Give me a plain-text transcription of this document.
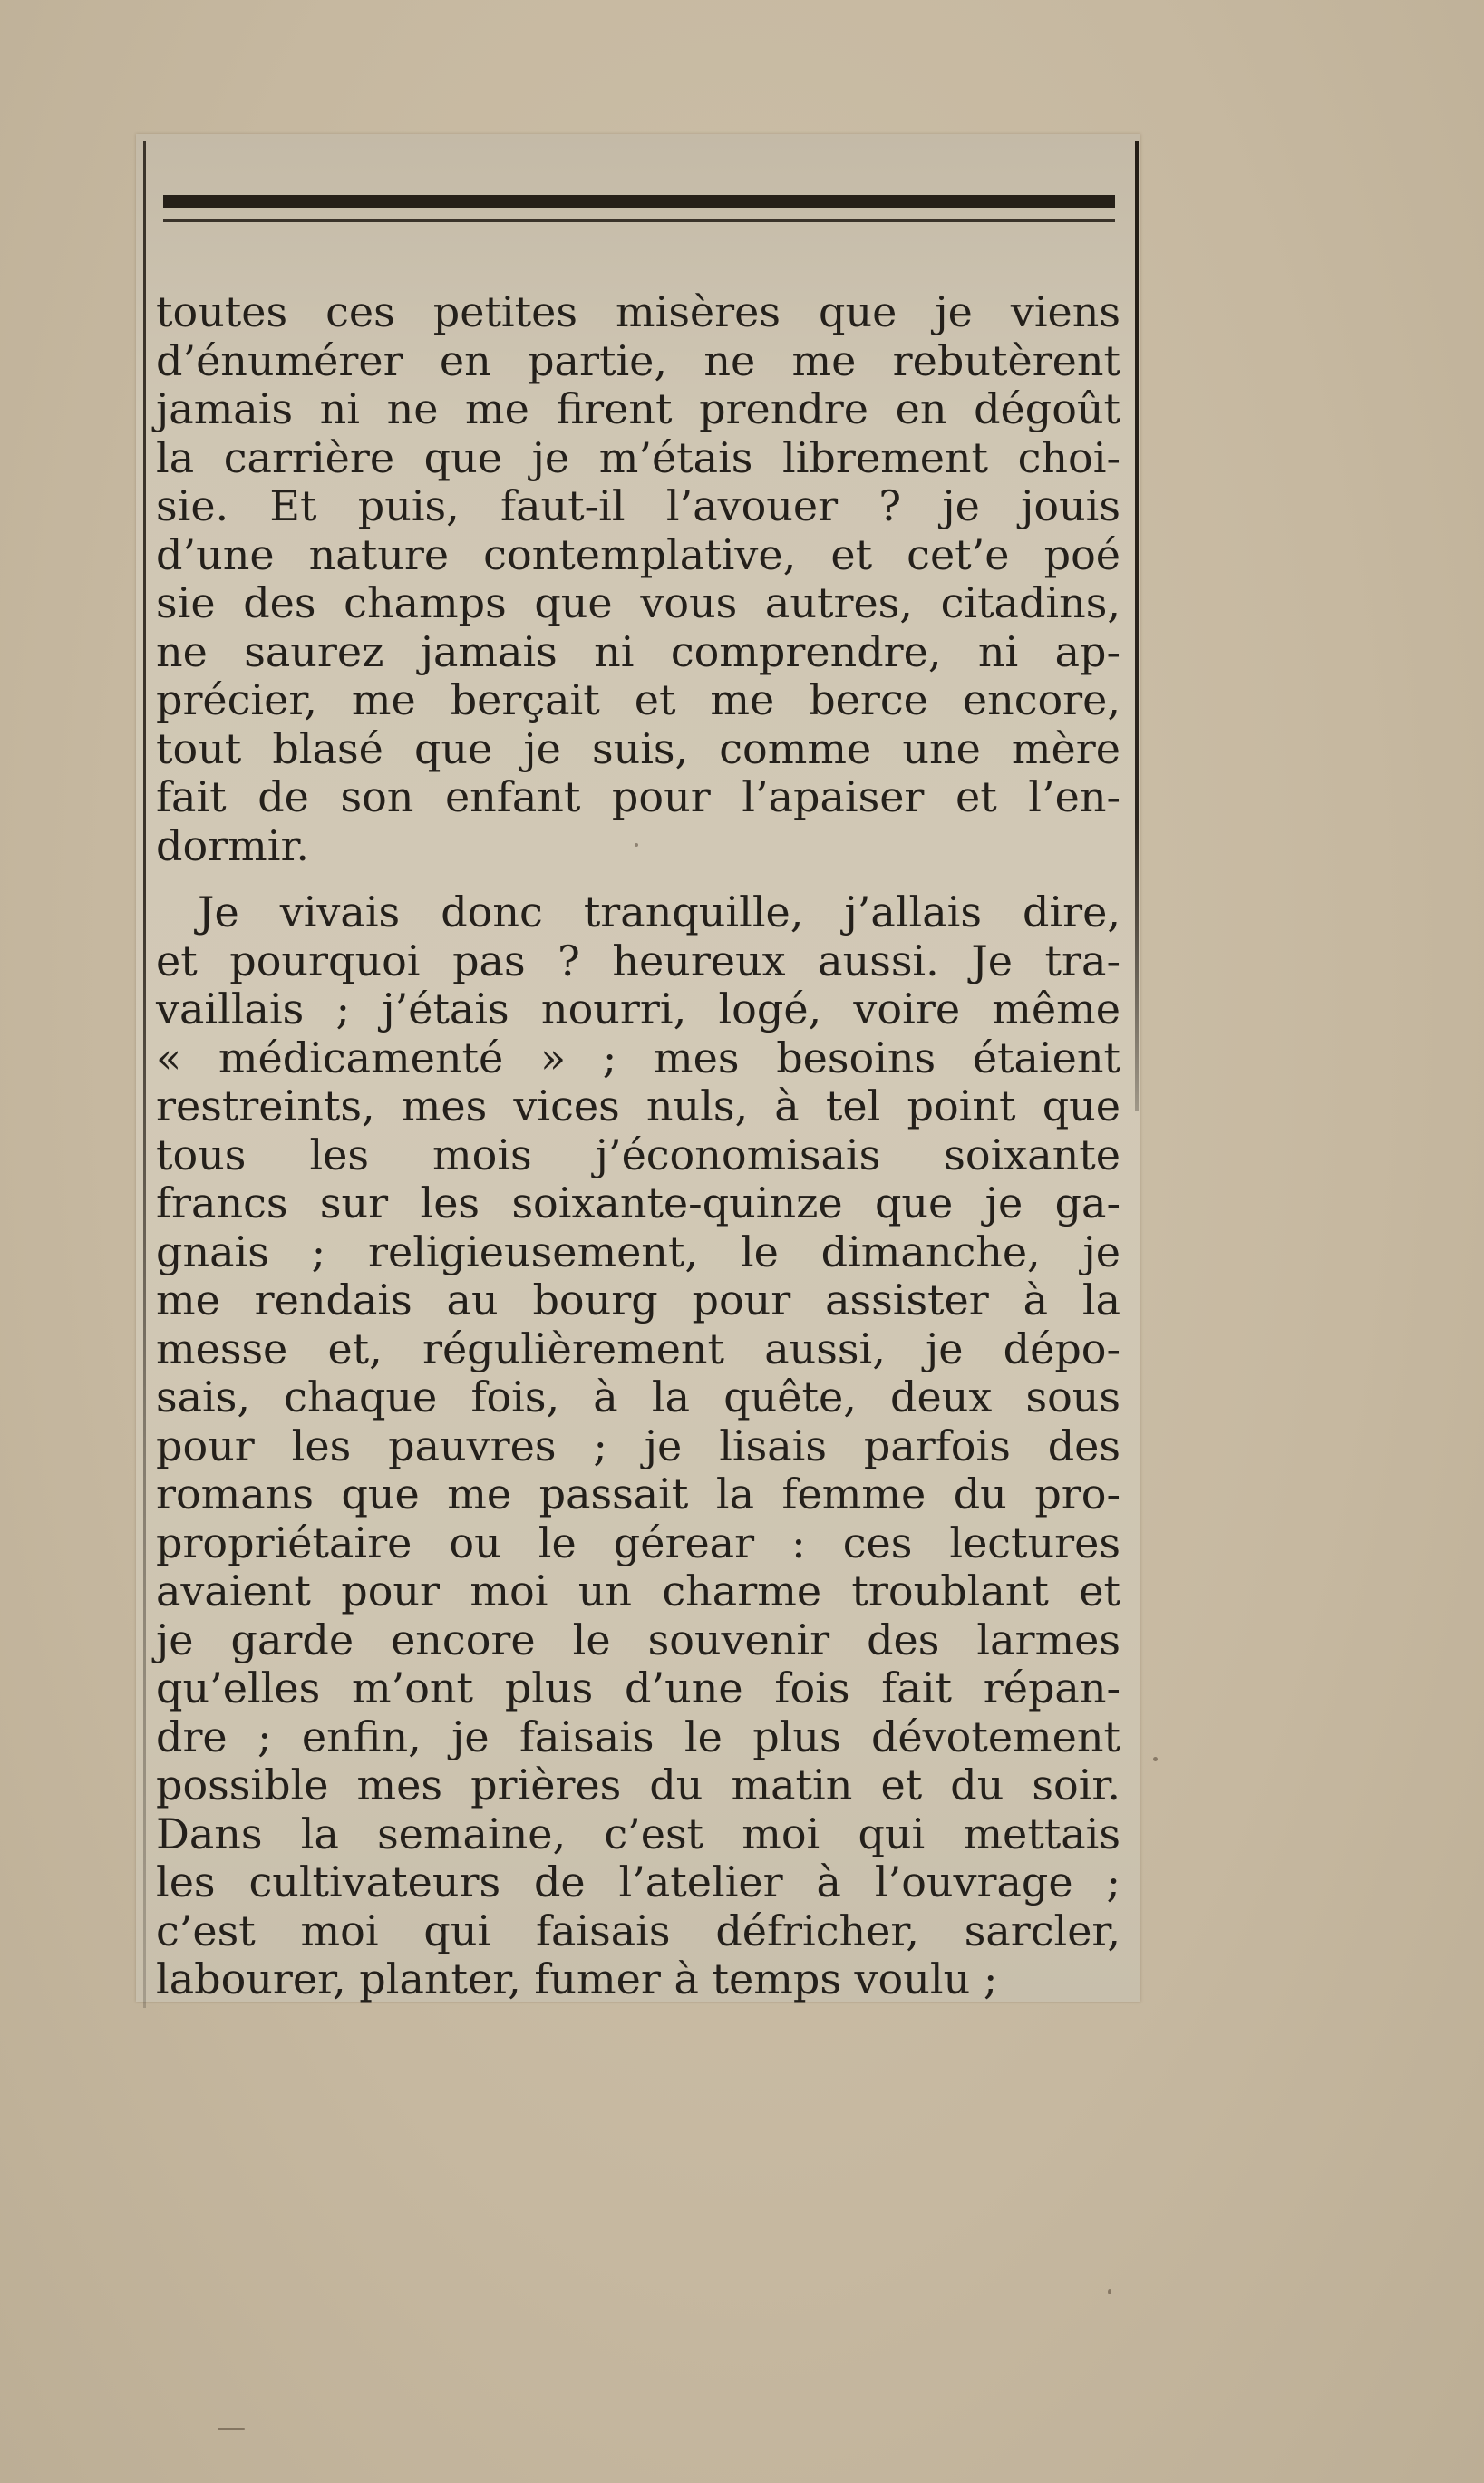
toutes ces petites misères que je viens
d’énumérer en partie, ne me rebutèrent
jamais ni ne me firent prendre en dégoût
la carrière que je m’étais librement choi-
sie. Et puis, faut-il l’avouer ? je jouis
d’une nature contemplative, et cet’e poé
sie des champs que vous autres, citadins,
ne saurez jamais ni comprendre, ni ap-
précier, me berçait et me berce encore,
tout blasé que je suis, comme une mère
fait de son enfant pour l’apaiser et l’en-
dormir.
Je vivais donc tranquille, j’allais dire,
et pourquoi pas ? heureux aussi. Je tra-
vaillais ; j’étais nourri, logé, voire même
« médicamenté » ; mes besoins étaient
restreints, mes vices nuls, à tel point que
tous les mois j’économisais soixante
francs sur les soixante-quinze que je ga-
gnais ; religieusement, le dimanche, je
me rendais au bourg pour assister à la
messe et, régulièrement aussi, je dépo-
sais, chaque fois, à la quête, deux sous
pour les pauvres ; je lisais parfois des
romans que me passait la femme du pro-
propriétaire ou le gérear : ces lectures
avaient pour moi un charme troublant et
je garde encore le souvenir des larmes
qu’elles m’ont plus d’une fois fait répan-
dre ; enfin, je faisais le plus dévotement
possible mes prières du matin et du soir.
Dans la semaine, c’est moi qui mettais
les cultivateurs de l’atelier à l’ouvrage ;
c’est moi qui faisais défricher, sarcler,
labourer, planter, fumer à temps voulu ;
